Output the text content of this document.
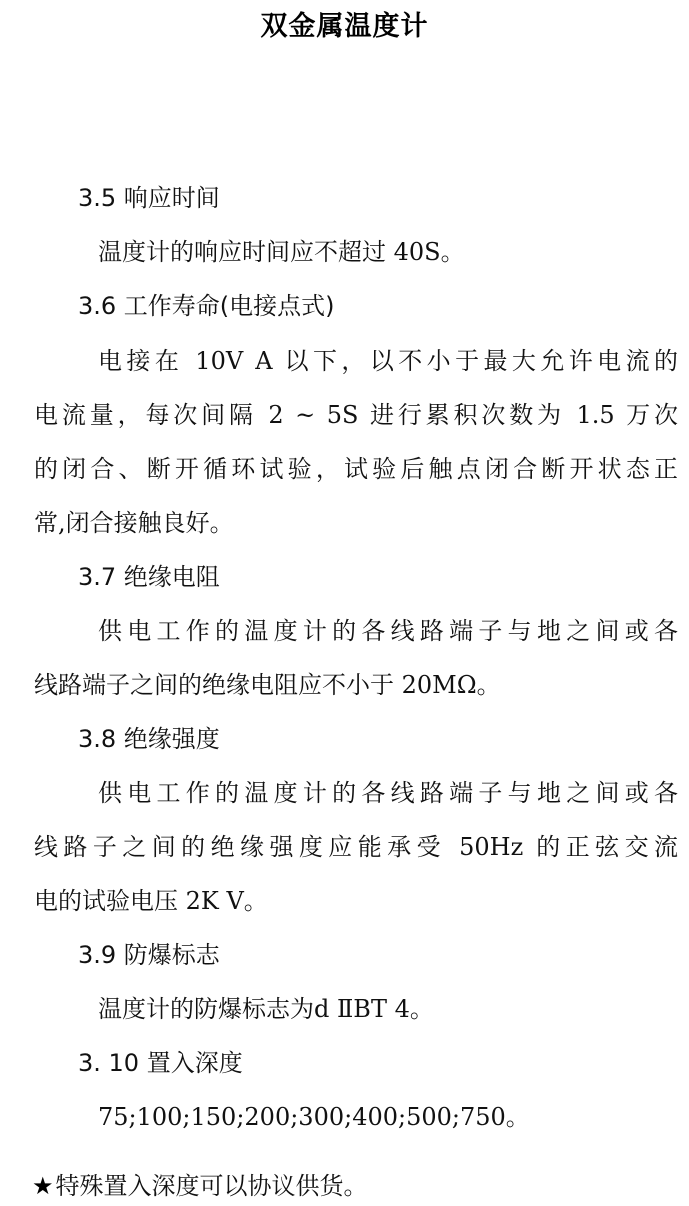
双金属温度计
3.5 响应时间
温度计的响应时间应不超过 40S。
3.6 工作寿命(电接点式)
电接在 10V A 以下，以不小于最大允许电流的
电流量，每次间隔 2 ~ 5S 进行累积次数为 1.5 万次
的闭合、断开循环试验，试验后触点闭合断开状态正
常,闭合接触良好。
3.7 绝缘电阻
供电工作的温度计的各线路端子与地之间或各
线路端子之间的绝缘电阻应不小于 20MΩ。
3.8 绝缘强度
供电工作的温度计的各线路端子与地之间或各
线路子之间的绝缘强度应能承受 50Hz 的正弦交流
电的试验电压 2K V。
3.9 防爆标志
温度计的防爆标志为d ⅡBT 4。
3. 10 置入深度
75;100;150;200;300;400;500;750。
★特殊置入深度可以协议供货。
